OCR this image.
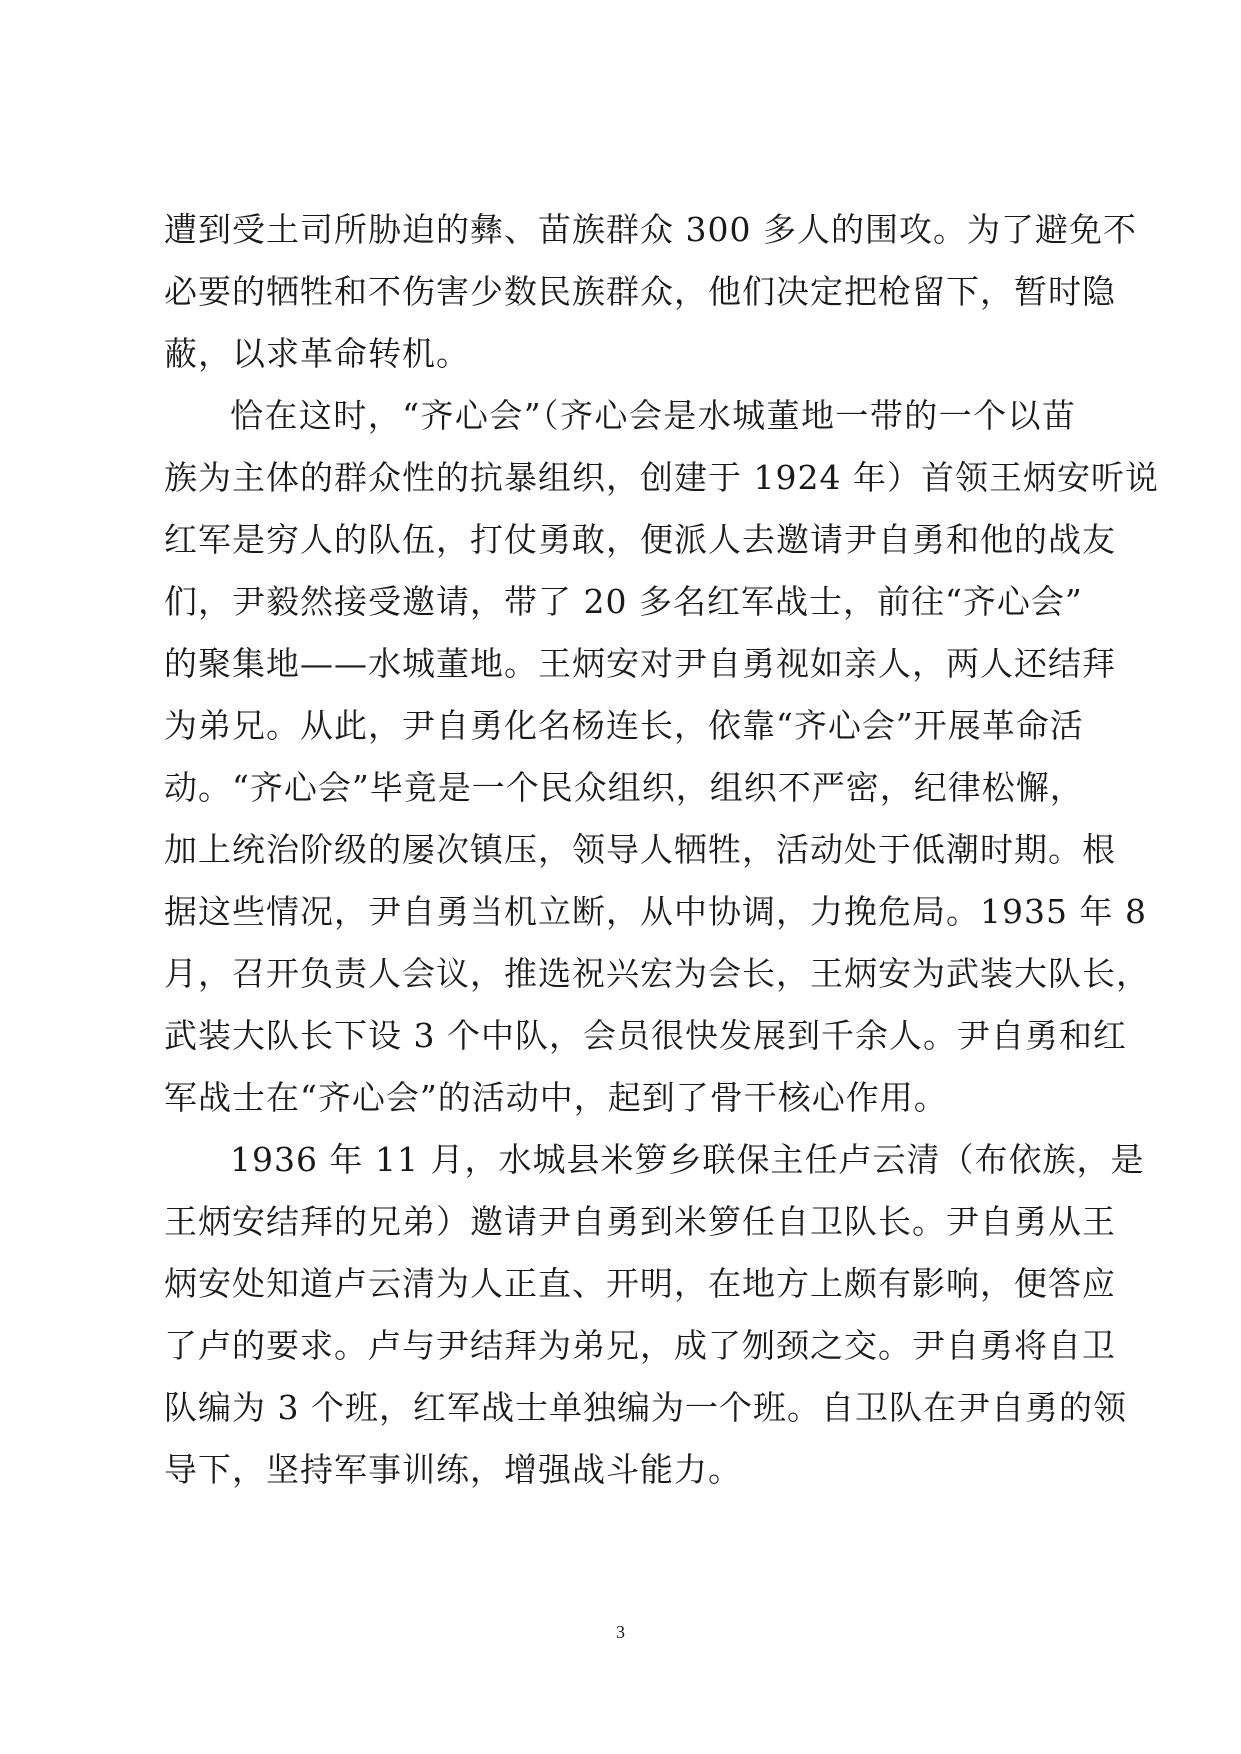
遭到受土司所胁迫的彝、苗族群众 300 多人的围攻。为了避免不
必要的牺牲和不伤害少数民族群众，他们决定把枪留下，暂时隐
蔽，以求革命转机。
恰在这时，“齐心会”（齐心会是水城董地一带的一个以苗
族为主体的群众性的抗暴组织，创建于 1924 年）首领王炳安听说
红军是穷人的队伍，打仗勇敢，便派人去邀请尹自勇和他的战友
们，尹毅然接受邀请，带了 20 多名红军战士，前往“齐心会”
的聚集地——水城董地。王炳安对尹自勇视如亲人，两人还结拜
为弟兄。从此，尹自勇化名杨连长，依靠“齐心会”开展革命活
动。“齐心会”毕竟是一个民众组织，组织不严密，纪律松懈，
加上统治阶级的屡次镇压，领导人牺牲，活动处于低潮时期。根
据这些情况，尹自勇当机立断，从中协调，力挽危局。1935 年 8
月，召开负责人会议，推选祝兴宏为会长，王炳安为武装大队长，
武装大队长下设 3 个中队，会员很快发展到千余人。尹自勇和红
军战士在“齐心会”的活动中，起到了骨干核心作用。
1936 年 11 月，水城县米箩乡联保主任卢云清（布依族，是
王炳安结拜的兄弟）邀请尹自勇到米箩任自卫队长。尹自勇从王
炳安处知道卢云清为人正直、开明，在地方上颇有影响，便答应
了卢的要求。卢与尹结拜为弟兄，成了刎颈之交。尹自勇将自卫
队编为 3 个班，红军战士单独编为一个班。自卫队在尹自勇的领
导下，坚持军事训练，增强战斗能力。
3
